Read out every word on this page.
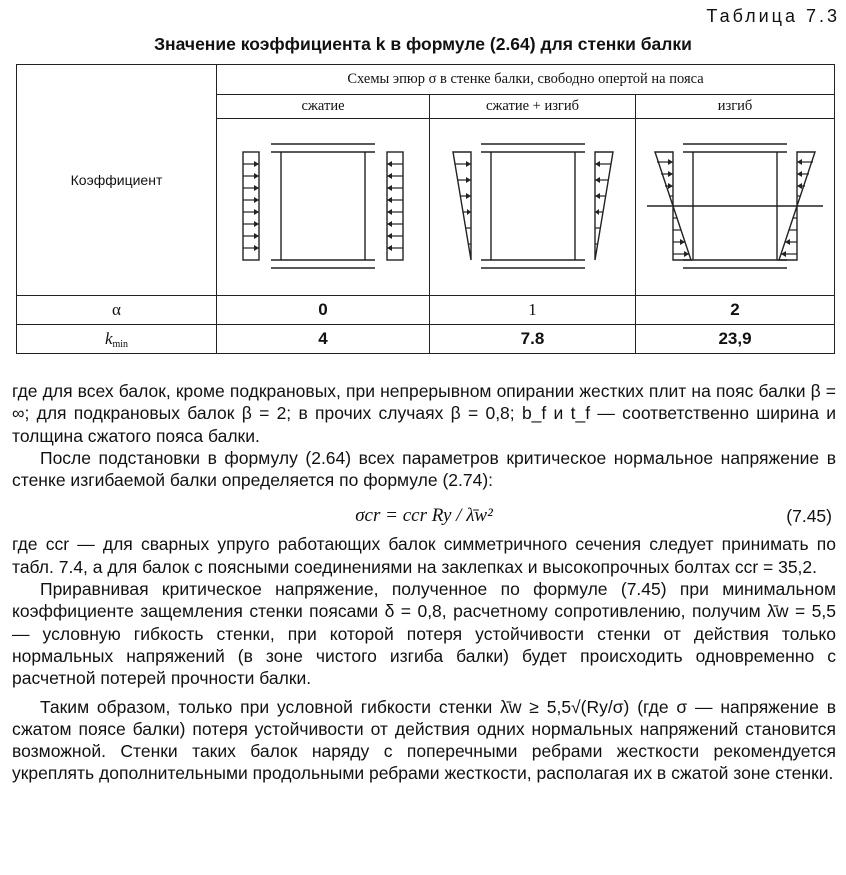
Таблица 7.3
Значение коэффициента k в формуле (2.64) для стенки балки
Коэффициент	Схемы эпюр σ в стенке балки, свободно опертой на пояса		
	сжатие	сжатие + изгиб	изгиб

α	0	1	2
$k_{min}$	4	7.8	23,9

где для всех балок, кроме подкрановых, при непрерывном опирании жестких плит на пояс балки β = ∞; для подкрановых балок β = 2; в прочих случаях β = 0,8; b_f и t_f — соответственно ширина и толщина сжатого пояса балки.

После подстановки в формулу (2.64) всех параметров критическое нормальное напряжение в стенке изгибаемой балки определяется по формуле (2.74):

σcr = ccr Ry / λ̄w²	(7.45)

где ccr — для сварных упруго работающих балок симметричного сечения следует принимать по табл. 7.4, а для балок с поясными соединениями на заклепках и высокопрочных болтах ccr = 35,2.

Приравнивая критическое напряжение, полученное по формуле (7.45) при минимальном коэффициенте защемления стенки поясами δ = 0,8, расчетному сопротивлению, получим λ̄w = 5,5 — условную гибкость стенки, при которой потеря устойчивости стенки от действия только нормальных напряжений (в зоне чистого изгиба балки) будет происходить одновременно с расчетной потерей прочности балки.

Таким образом, только при условной гибкости стенки λ̄w ≥ 5,5√(Ry/σ) (где σ — напряжение в сжатом поясе балки) потеря устойчивости от действия одних нормальных напряжений становится возможной. Стенки таких балок наряду с поперечными ребрами жесткости рекомендуется укреплять дополнительными продольными ребрами жесткости, располагая их в сжатой зоне стенки.
